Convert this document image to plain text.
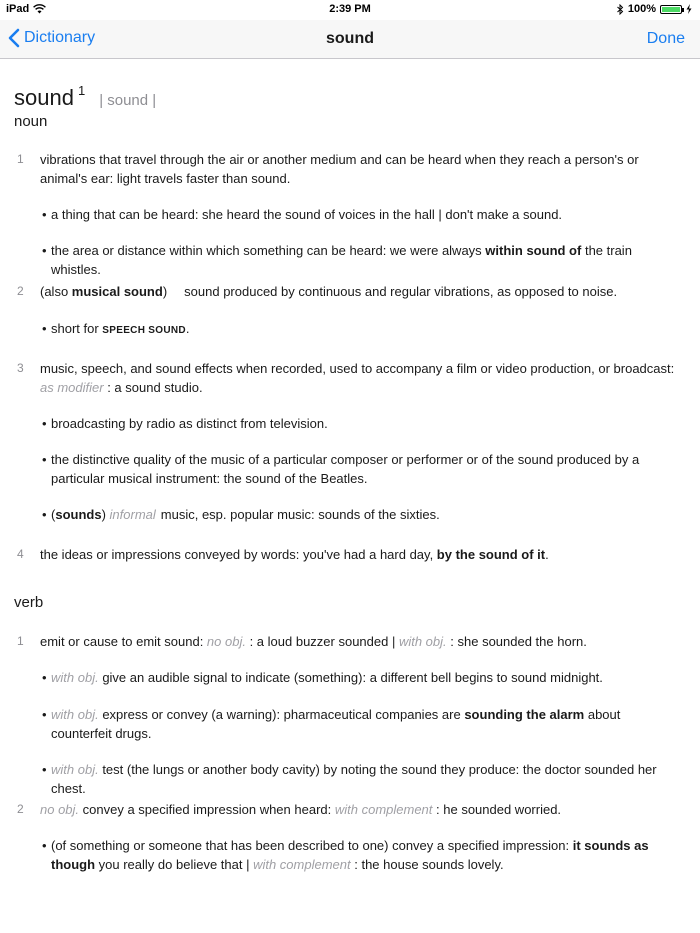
iPad	2:39 PM	100%
Dictionary	sound	Done
sound $^1$| sound |
noun
1 vibrations that travel through the air or another medium and can be heard when they reach a person's or animal's ear: light travels faster than sound.
• a thing that can be heard: she heard the sound of voices in the hall | don't make a sound.
• the area or distance within which something can be heard: we were always within sound of the train whistles.
2 (also musical sound) sound produced by continuous and regular vibrations, as opposed to noise.
• short for SPEECH SOUND.
3 music, speech, and sound effects when recorded, used to accompany a film or video production, or broadcast: as modifier : a sound studio.
• broadcasting by radio as distinct from television.
• the distinctive quality of the music of a particular composer or performer or of the sound produced by a particular musical instrument: the sound of the Beatles.
• (sounds) informal music, esp. popular music: sounds of the sixties.
4 the ideas or impressions conveyed by words: you've had a hard day, by the sound of it.
verb
1 emit or cause to emit sound: no obj. : a loud buzzer sounded | with obj. : she sounded the horn.
• with obj. give an audible signal to indicate (something): a different bell begins to sound midnight.
• with obj. express or convey (a warning): pharmaceutical companies are sounding the alarm about counterfeit drugs.
• with obj. test (the lungs or another body cavity) by noting the sound they produce: the doctor sounded her chest.
2 no obj. convey a specified impression when heard: with complement : he sounded worried.
• (of something or someone that has been described to one) convey a specified impression: it sounds as though you really do believe that | with complement : the house sounds lovely.
